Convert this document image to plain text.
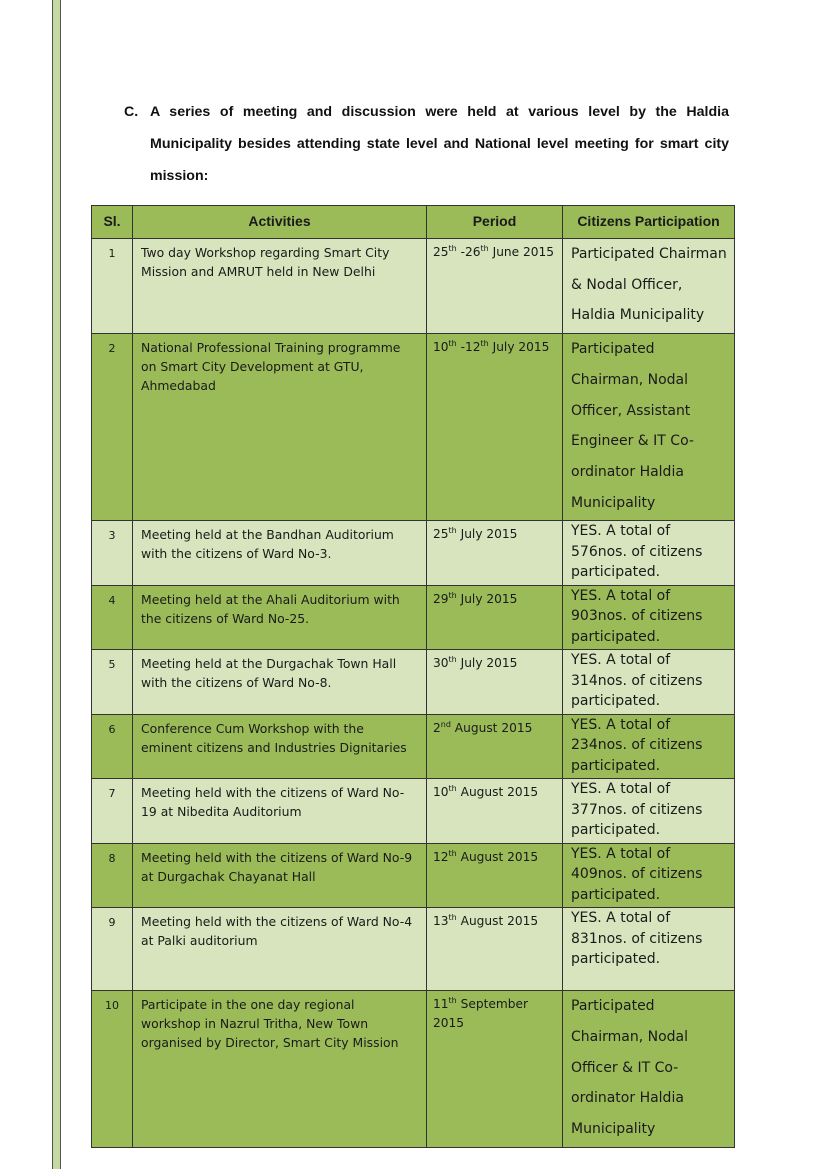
C. A series of meeting and discussion were held at various level by the Haldia
Municipality besides attending state level and National level meeting for smart city
mission:
Sl.	Activities	Period	Citizens Participation
1	Two day Workshop regarding Smart City Mission and AMRUT held in New Delhi	25th -26th June 2015	Participated Chairman & Nodal Officer, Haldia Municipality
2	National Professional Training programme on Smart City Development at GTU, Ahmedabad	10th -12th July 2015	Participated Chairman, Nodal Officer, Assistant Engineer & IT Co-ordinator Haldia Municipality
3	Meeting held at the Bandhan Auditorium with the citizens of Ward No-3.	25th July 2015	YES. A total of 576nos. of citizens participated.
4	Meeting held at the Ahali Auditorium with the citizens of Ward No-25.	29th July 2015	YES. A total of 903nos. of citizens participated.
5	Meeting held at the Durgachak Town Hall with the citizens of Ward No-8.	30th July 2015	YES. A total of 314nos. of citizens participated.
6	Conference Cum Workshop with the eminent citizens and Industries Dignitaries	2nd August 2015	YES. A total of 234nos. of citizens participated.
7	Meeting held with the citizens of Ward No-19 at Nibedita Auditorium	10th August 2015	YES. A total of 377nos. of citizens participated.
8	Meeting held with the citizens of Ward No-9 at Durgachak Chayanat Hall	12th August 2015	YES. A total of 409nos. of citizens participated.
9	Meeting held with the citizens of Ward No-4 at Palki auditorium	13th August 2015	YES. A total of 831nos. of citizens participated.
10	Participate in the one day regional workshop in Nazrul Tritha, New Town organised by Director, Smart City Mission	11th September 2015	Participated Chairman, Nodal Officer & IT Co-ordinator Haldia Municipality
